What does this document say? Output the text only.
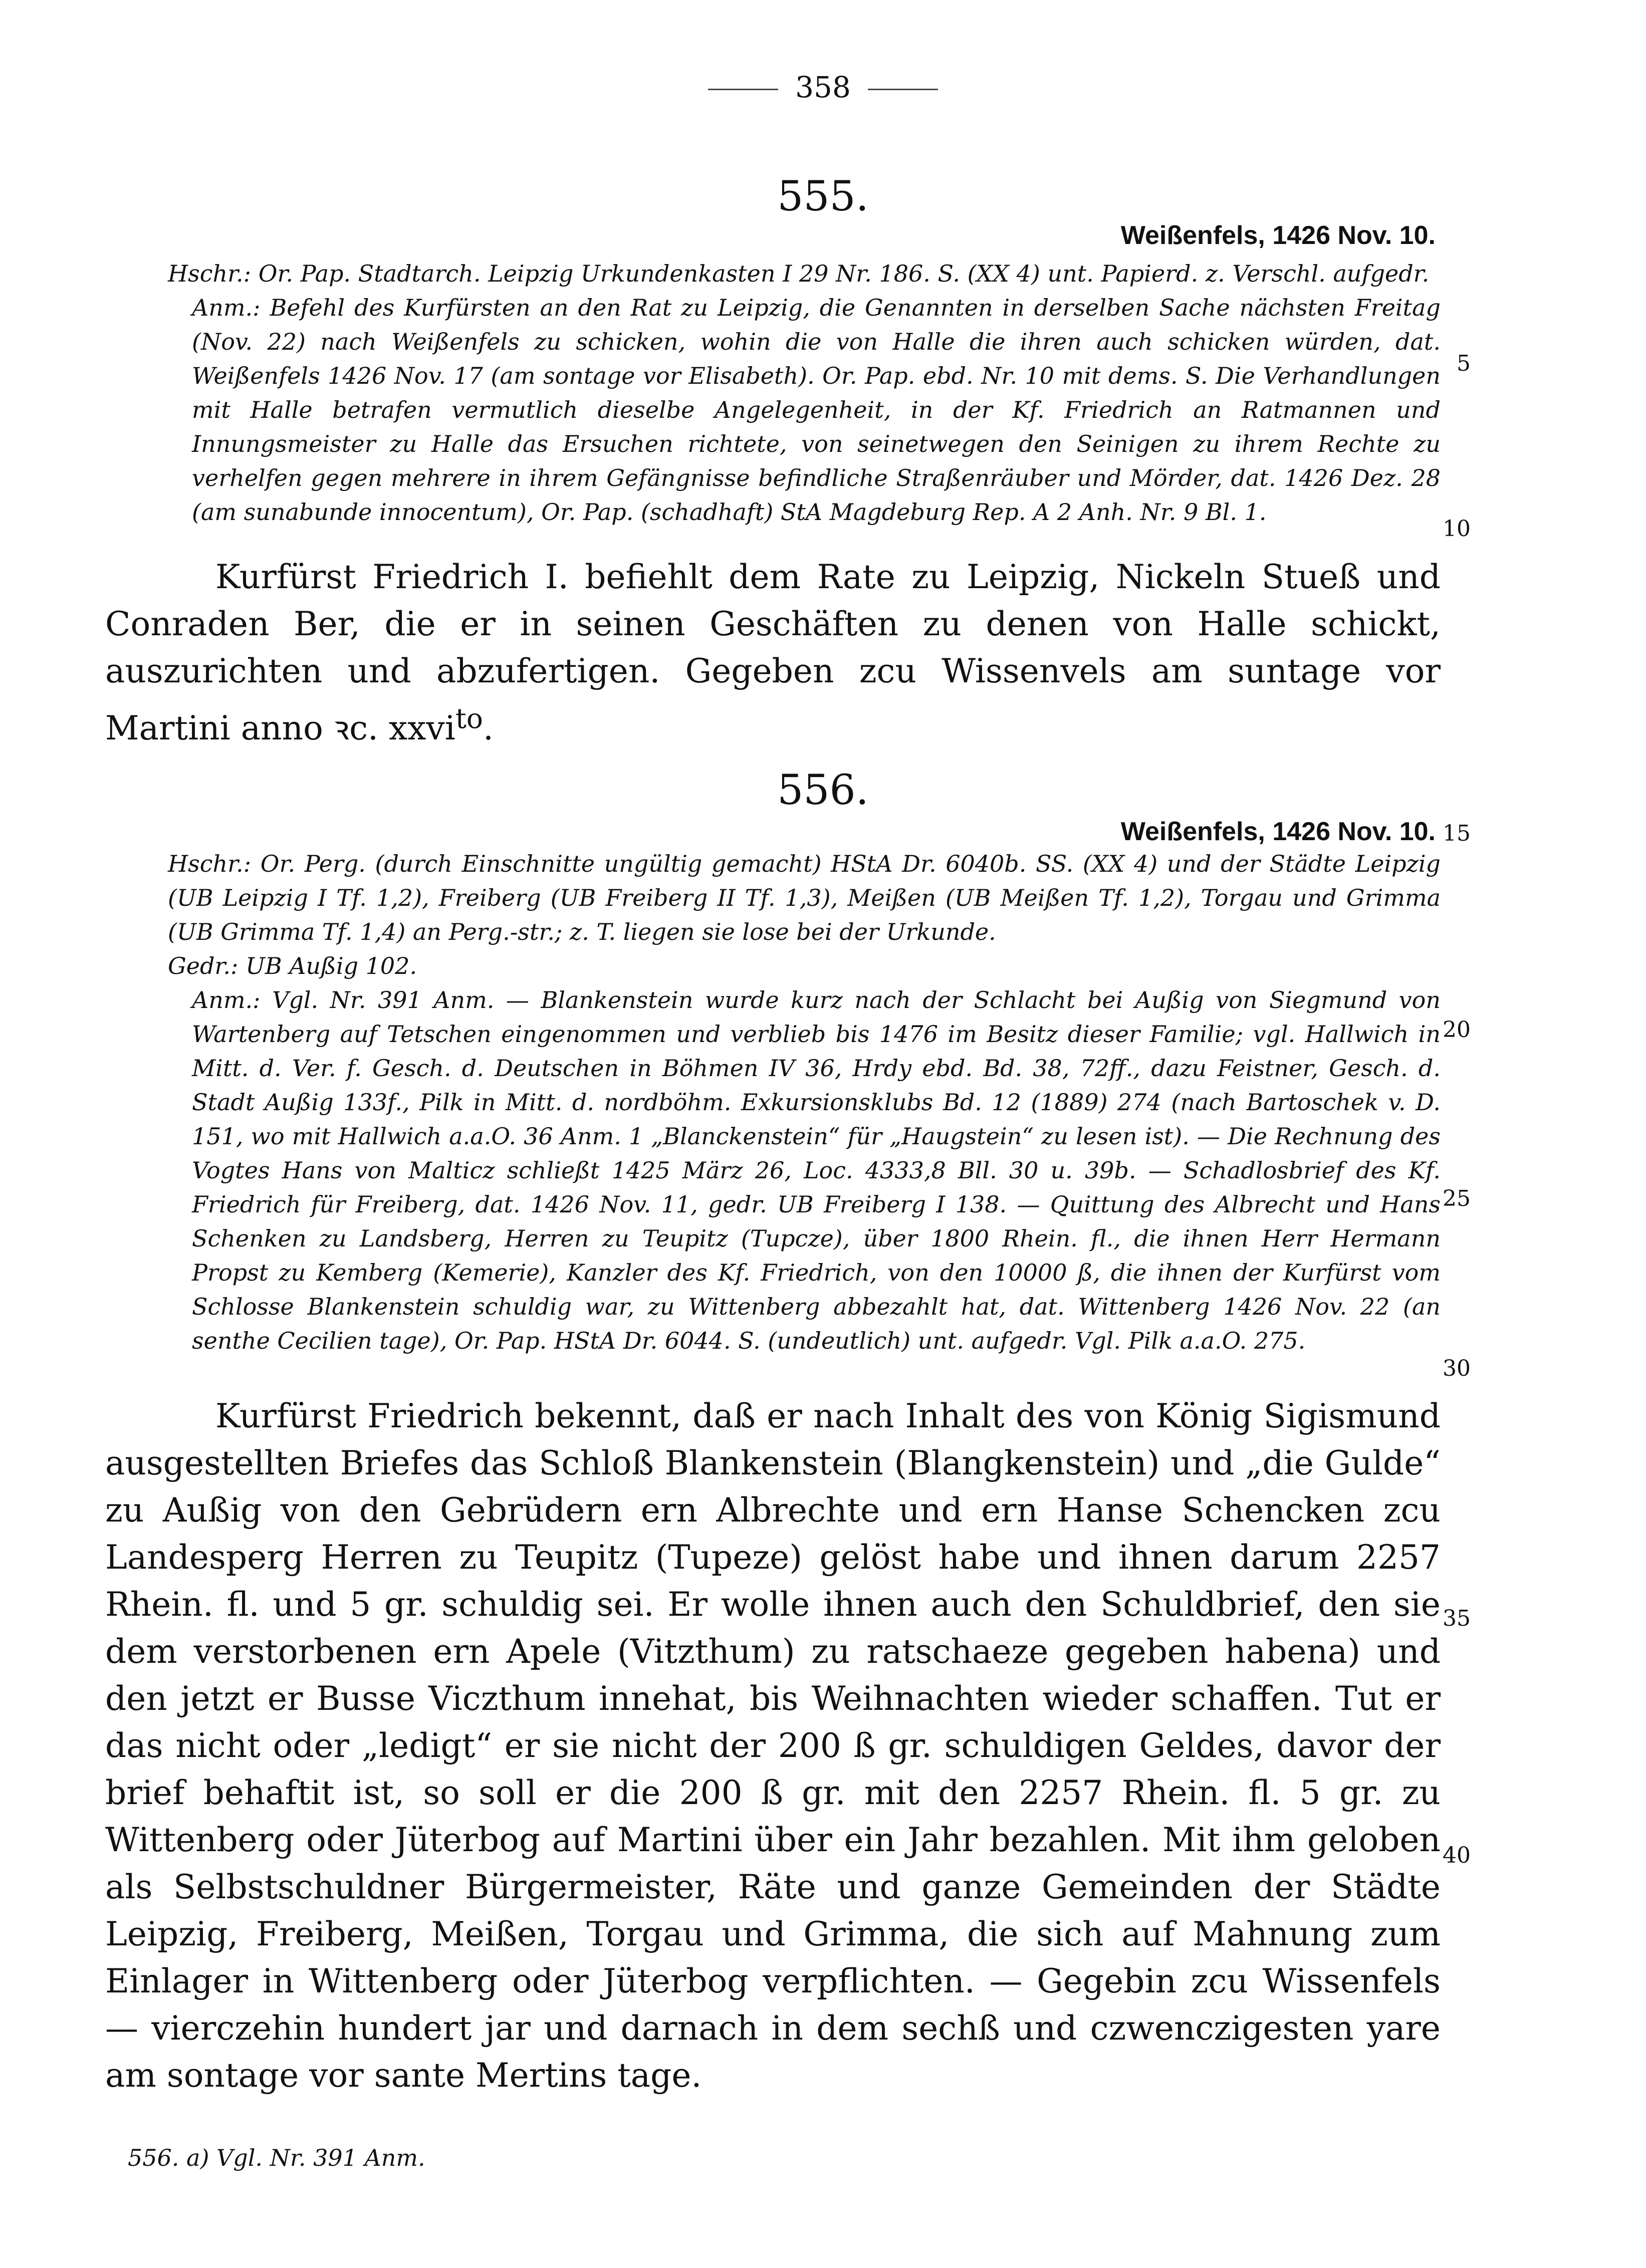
358
555.
Weißenfels, 1426 Nov. 10.

Hschr.: Or. Pap. Stadtarch. Leipzig Urkundenkasten I 29 Nr. 186. S. (XX 4) unt. Papierd. z. Verschl. aufgedr.

Anm.: Befehl des Kurfürsten an den Rat zu Leipzig, die Genannten in derselben Sache nächsten Freitag (Nov. 22) nach Weißenfels zu schicken, wohin die von Halle die ihren auch schicken würden, dat. Weißenfels 1426 Nov. 17 (am sontage vor Elisabeth). Or. Pap. ebd. Nr. 10 mit dems. S. Die Verhandlungen mit Halle betrafen vermutlich dieselbe Angelegenheit, in der Kf. Friedrich an Ratmannen und Innungsmeister zu Halle das Ersuchen richtete, von seinetwegen den Seinigen zu ihrem Rechte zu verhelfen gegen mehrere in ihrem Gefängnisse befindliche Straßenräuber und Mörder, dat. 1426 Dez. 28 (am sunabunde innocentum), Or. Pap. (schadhaft) StA Magdeburg Rep. A 2 Anh. Nr. 9 Bl. 1.

Kurfürst Friedrich I. befiehlt dem Rate zu Leipzig, Nickeln Stueß und Conraden Ber, die er in seinen Geschäften zu denen von Halle schickt, auszurichten und abzufertigen. Gegeben zcu Wissenvels am suntage vor Martini anno ꝛc. xxvi$^{to}$.

556.
Weißenfels, 1426 Nov. 10.

Hschr.: Or. Perg. (durch Einschnitte ungültig gemacht) HStA Dr. 6040b. SS. (XX 4) und der Städte Leipzig (UB Leipzig I Tf. 1,2), Freiberg (UB Freiberg II Tf. 1,3), Meißen (UB Meißen Tf. 1,2), Torgau und Grimma (UB Grimma Tf. 1,4) an Perg.-str.; z. T. liegen sie lose bei der Urkunde.

Gedr.: UB Außig 102.

Anm.: Vgl. Nr. 391 Anm. — Blankenstein wurde kurz nach der Schlacht bei Außig von Siegmund von Wartenberg auf Tetschen eingenommen und verblieb bis 1476 im Besitz dieser Familie; vgl. Hallwich in Mitt. d. Ver. f. Gesch. d. Deutschen in Böhmen IV 36, Hrdy ebd. Bd. 38, 72ff., dazu Feistner, Gesch. d. Stadt Außig 133f., Pilk in Mitt. d. nordböhm. Exkursionsklubs Bd. 12 (1889) 274 (nach Bartoschek v. D. 151, wo mit Hallwich a.a.O. 36 Anm. 1 „Blanckenstein“ für „Haugstein“ zu lesen ist). — Die Rechnung des Vogtes Hans von Malticz schließt 1425 März 26, Loc. 4333,8 Bll. 30 u. 39b. — Schadlosbrief des Kf. Friedrich für Freiberg, dat. 1426 Nov. 11, gedr. UB Freiberg I 138. — Quittung des Albrecht und Hans Schenken zu Landsberg, Herren zu Teupitz (Tupcze), über 1800 Rhein. fl., die ihnen Herr Hermann Propst zu Kemberg (Kemerie), Kanzler des Kf. Friedrich, von den 10000 ß, die ihnen der Kurfürst vom Schlosse Blankenstein schuldig war, zu Wittenberg abbezahlt hat, dat. Wittenberg 1426 Nov. 22 (an senthe Cecilien tage), Or. Pap. HStA Dr. 6044. S. (undeutlich) unt. aufgedr. Vgl. Pilk a.a.O. 275.

Kurfürst Friedrich bekennt, daß er nach Inhalt des von König Sigismund ausgestellten Briefes das Schloß Blankenstein (Blangkenstein) und „die Gulde“ zu Außig von den Gebrüdern ern Albrechte und ern Hanse Schencken zcu Landesperg Herren zu Teupitz (Tupeze) gelöst habe und ihnen darum 2257 Rhein. fl. und 5 gr. schuldig sei. Er wolle ihnen auch den Schuldbrief, den sie dem verstorbenen ern Apele (Vitzthum) zu ratschaeze gegeben habena) und den jetzt er Busse Viczthum innehat, bis Weihnachten wieder schaffen. Tut er das nicht oder „ledigt“ er sie nicht der 200 ß gr. schuldigen Geldes, davor der brief behaftit ist, so soll er die 200 ß gr. mit den 2257 Rhein. fl. 5 gr. zu Wittenberg oder Jüterbog auf Martini über ein Jahr bezahlen. Mit ihm geloben als Selbstschuldner Bürgermeister, Räte und ganze Gemeinden der Städte Leipzig, Freiberg, Meißen, Torgau und Grimma, die sich auf Mahnung zum Einlager in Wittenberg oder Jüterbog verpflichten. — Gegebin zcu Wissenfels — vierczehin hundert jar und darnach in dem sechß und czwenczigesten yare am sontage vor sante Mertins tage.

5
10
15
20
25
30
35
40
556. a) Vgl. Nr. 391 Anm.
